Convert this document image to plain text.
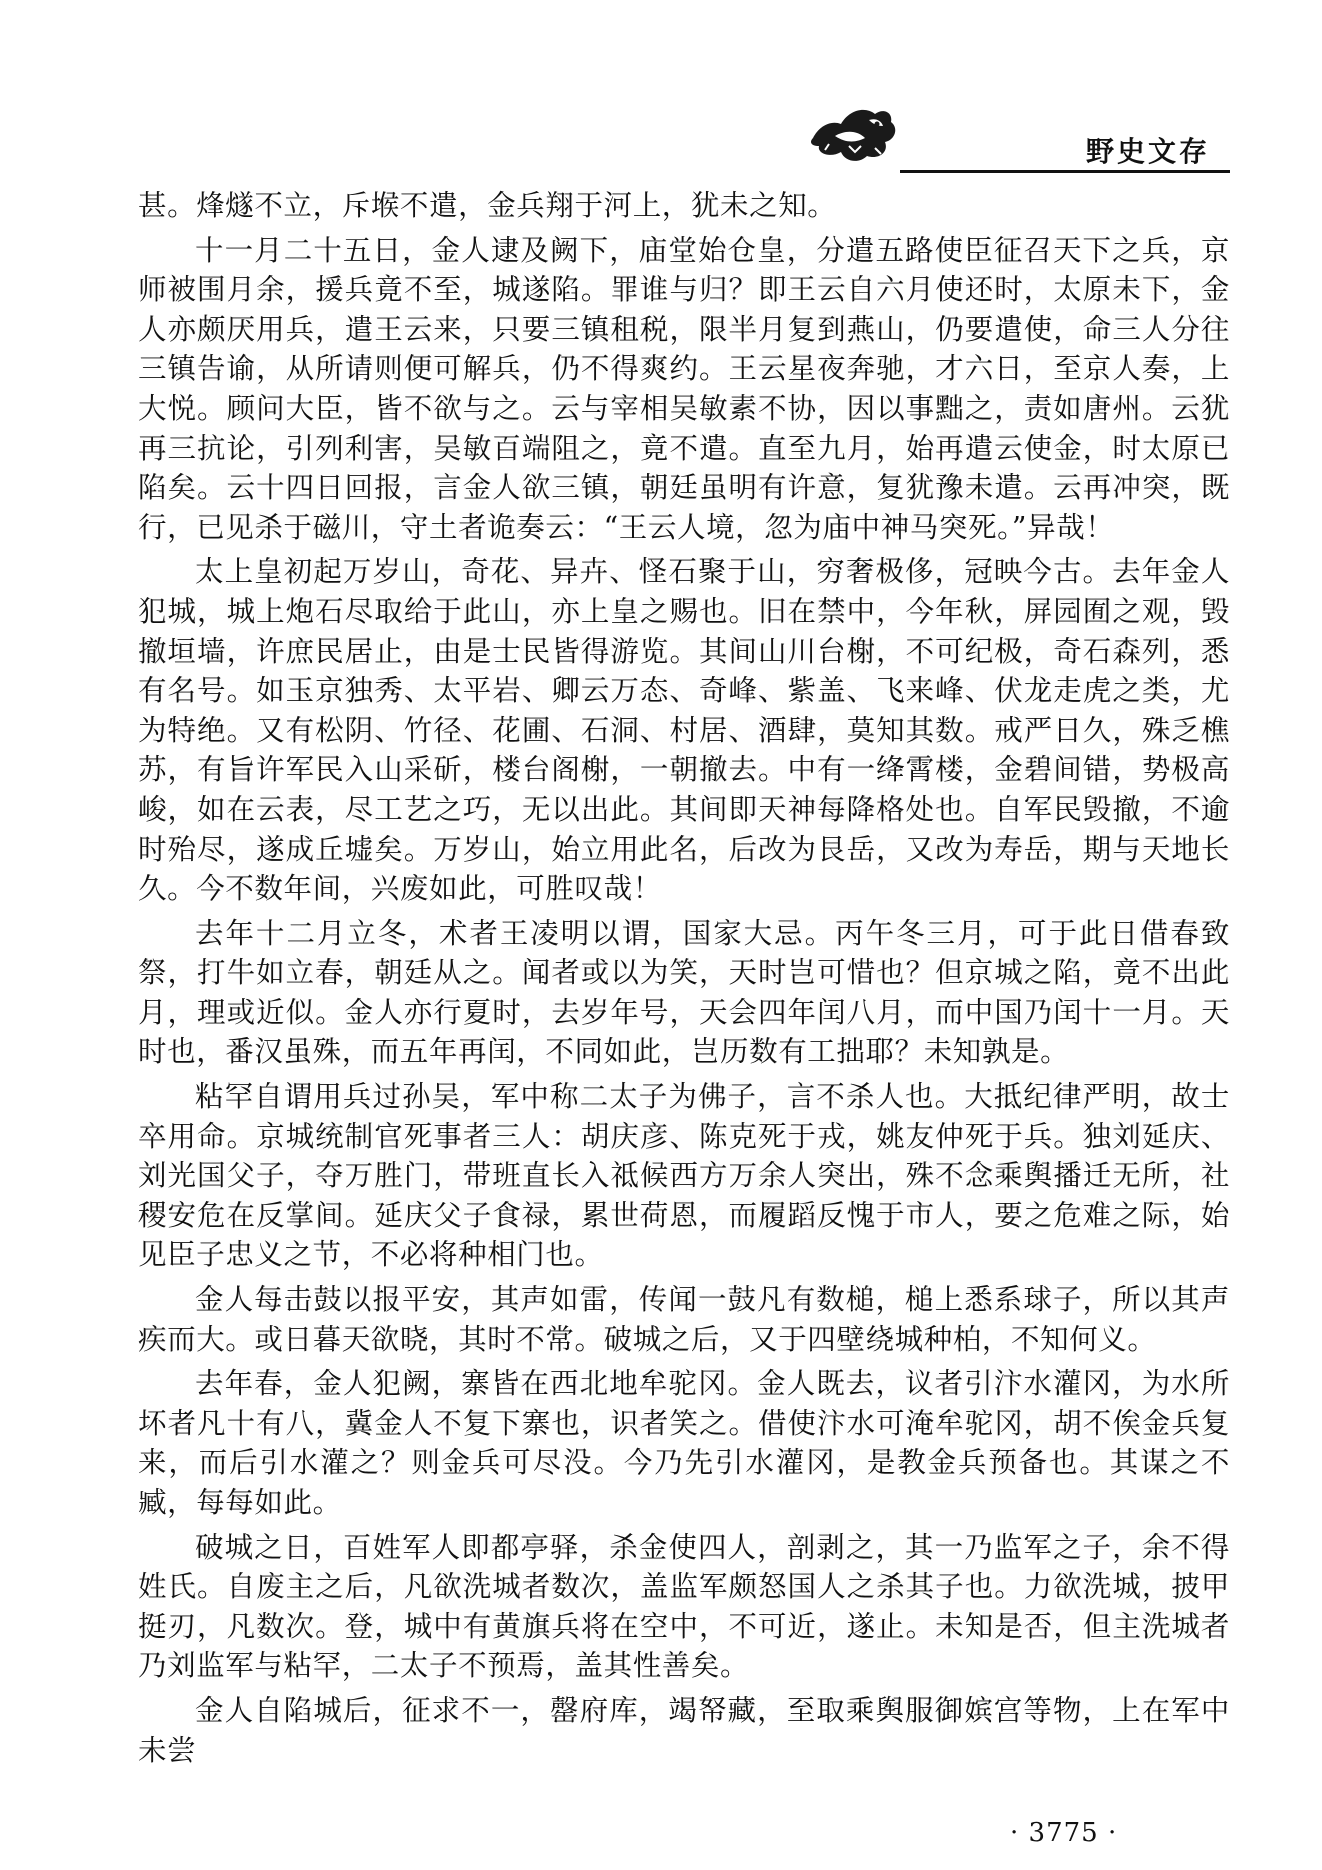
野史文存

甚。烽燧不立，斥堠不遣，金兵翔于河上，犹未之知。

十一月二十五日，金人逮及阙下，庙堂始仓皇，分遣五路使臣征召天下之兵，京师被围月余，援兵竟不至，城遂陷。罪谁与归？即王云自六月使还时，太原未下，金人亦颇厌用兵，遣王云来，只要三镇租税，限半月复到燕山，仍要遣使，命三人分往三镇告谕，从所请则便可解兵，仍不得爽约。王云星夜奔驰，才六日，至京人奏，上大悦。顾问大臣，皆不欲与之。云与宰相吴敏素不协，因以事黜之，责如唐州。云犹再三抗论，引列利害，吴敏百端阻之，竟不遣。直至九月，始再遣云使金，时太原已陷矣。云十四日回报，言金人欲三镇，朝廷虽明有许意，复犹豫未遣。云再冲突，既行，已见杀于磁川，守土者诡奏云：“王云人境，忽为庙中神马突死。”异哉！

太上皇初起万岁山，奇花、异卉、怪石聚于山，穷奢极侈，冠映今古。去年金人犯城，城上炮石尽取给于此山，亦上皇之赐也。旧在禁中，今年秋，屏园囿之观，毁撤垣墙，许庶民居止，由是士民皆得游览。其间山川台榭，不可纪极，奇石森列，悉有名号。如玉京独秀、太平岩、卿云万态、奇峰、紫盖、飞来峰、伏龙走虎之类，尤为特绝。又有松阴、竹径、花圃、石洞、村居、酒肆，莫知其数。戒严日久，殊乏樵苏，有旨许军民入山采斫，楼台阁榭，一朝撤去。中有一绛霄楼，金碧间错，势极高峻，如在云表，尽工艺之巧，无以出此。其间即天神每降格处也。自军民毁撤，不逾时殆尽，遂成丘墟矣。万岁山，始立用此名，后改为艮岳，又改为寿岳，期与天地长久。今不数年间，兴废如此，可胜叹哉！

去年十二月立冬，术者王凌明以谓，国家大忌。丙午冬三月，可于此日借春致祭，打牛如立春，朝廷从之。闻者或以为笑，天时岂可惜也？但京城之陷，竟不出此月，理或近似。金人亦行夏时，去岁年号，天会四年闰八月，而中国乃闰十一月。天时也，番汉虽殊，而五年再闰，不同如此，岂历数有工拙耶？未知孰是。

粘罕自谓用兵过孙吴，军中称二太子为佛子，言不杀人也。大抵纪律严明，故士卒用命。京城统制官死事者三人：胡庆彦、陈克死于戎，姚友仲死于兵。独刘延庆、刘光国父子，夺万胜门，带班直长入祗候西方万余人突出，殊不念乘舆播迁无所，社稷安危在反掌间。延庆父子食禄，累世荷恩，而履蹈反愧于市人，要之危难之际，始见臣子忠义之节，不必将种相门也。

金人每击鼓以报平安，其声如雷，传闻一鼓凡有数槌，槌上悉系球子，所以其声疾而大。或日暮天欲晓，其时不常。破城之后，又于四壁绕城种柏，不知何义。

去年春，金人犯阙，寨皆在西北地牟驼冈。金人既去，议者引汴水灌冈，为水所坏者凡十有八，冀金人不复下寨也，识者笑之。借使汴水可淹牟驼冈，胡不俟金兵复来，而后引水灌之？则金兵可尽没。今乃先引水灌冈，是教金兵预备也。其谋之不臧，每每如此。

破城之日，百姓军人即都亭驿，杀金使四人，剖剥之，其一乃监军之子，余不得姓氏。自废主之后，凡欲洗城者数次，盖监军颇怒国人之杀其子也。力欲洗城，披甲挺刃，凡数次。登，城中有黄旗兵将在空中，不可近，遂止。未知是否，但主洗城者乃刘监军与粘罕，二太子不预焉，盖其性善矣。

金人自陷城后，征求不一，罄府库，竭帑藏，至取乘舆服御嫔宫等物，上在军中未尝

· 3775 ·
